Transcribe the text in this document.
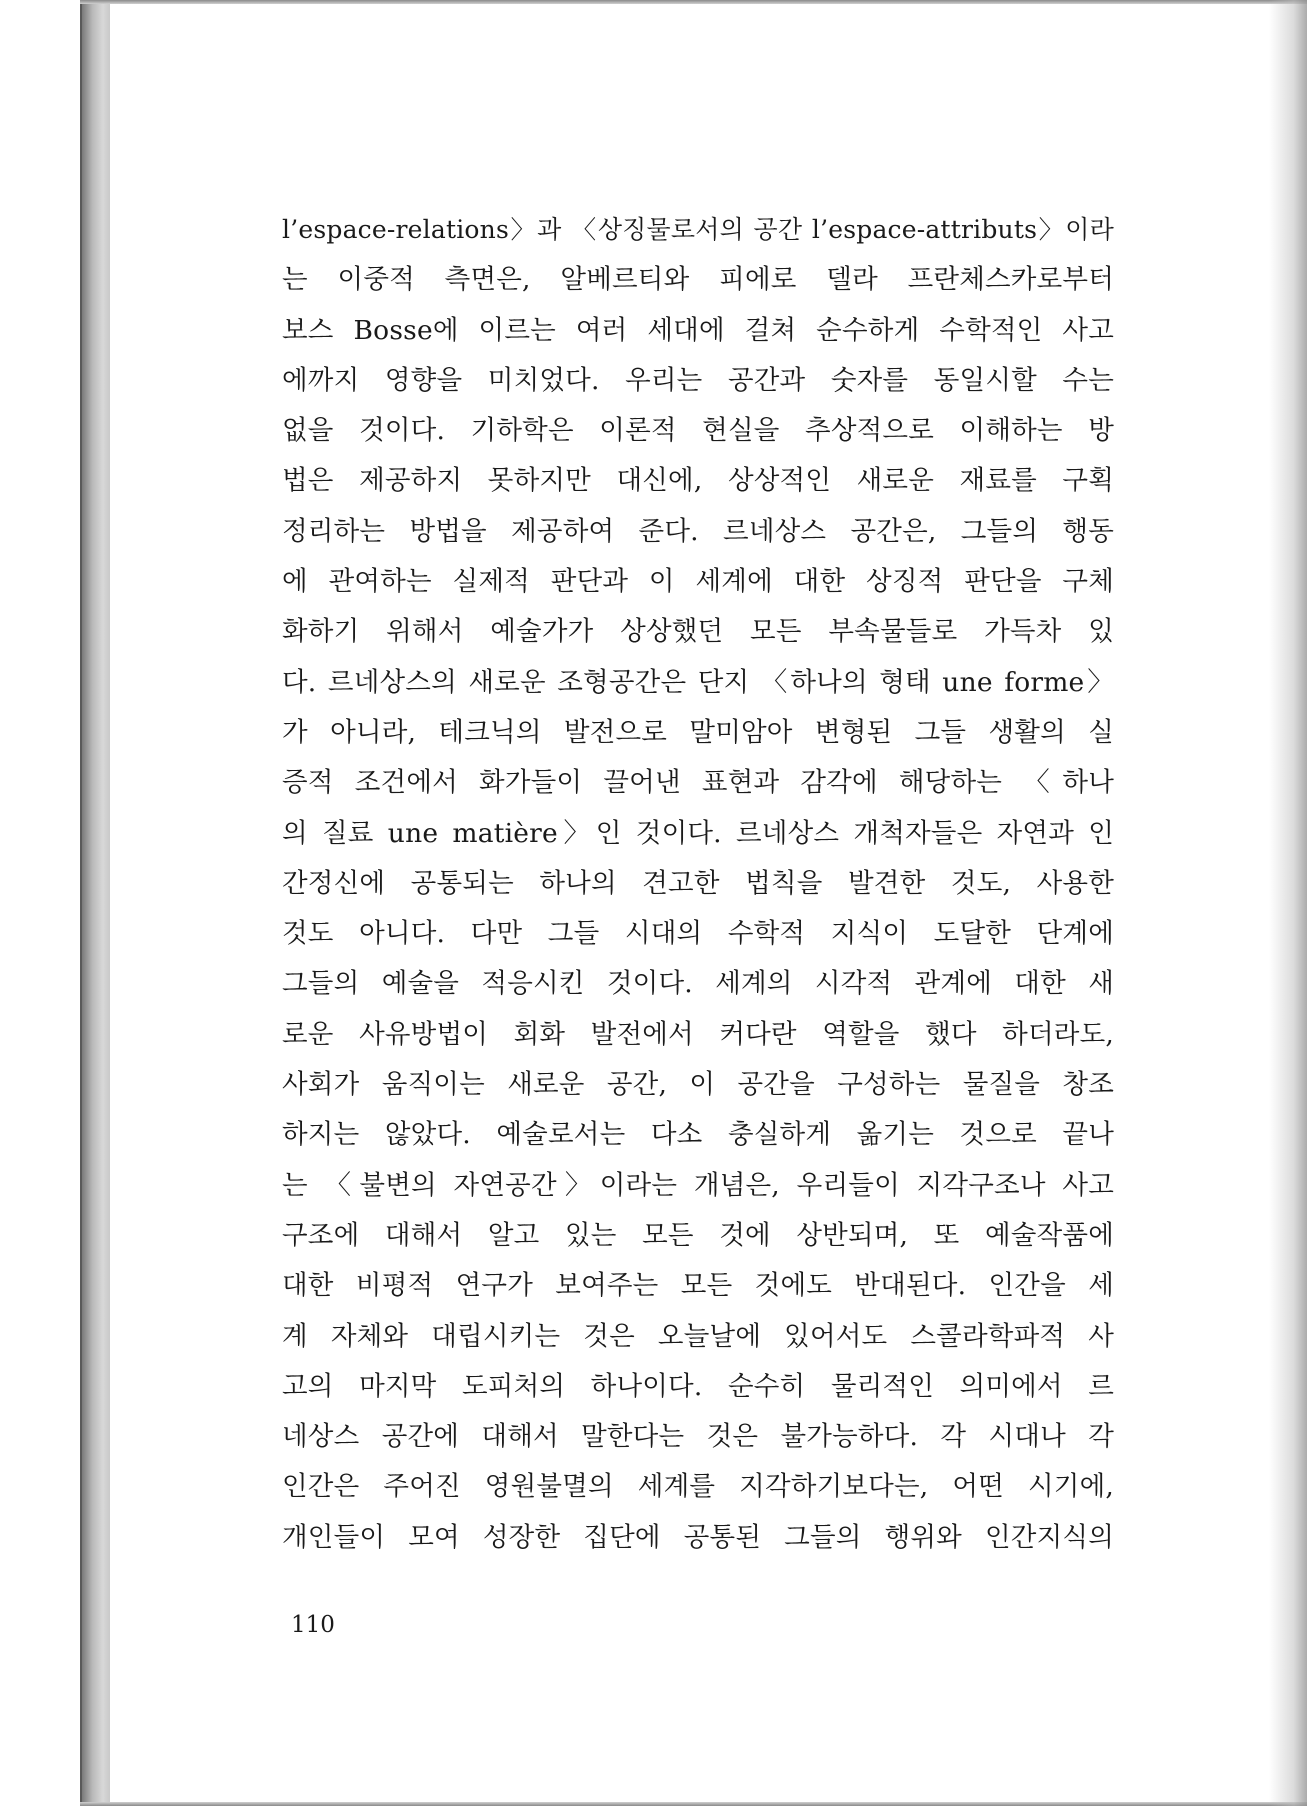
l’espace-relations〉과 〈상징물로서의 공간 l’espace-attributs〉이라
는 이중적 측면은, 알베르티와 피에로 델라 프란체스카로부터
보스 Bosse에 이르는 여러 세대에 걸쳐 순수하게 수학적인 사고
에까지 영향을 미치었다. 우리는 공간과 숫자를 동일시할 수는
없을 것이다. 기하학은 이론적 현실을 추상적으로 이해하는 방
법은 제공하지 못하지만 대신에, 상상적인 새로운 재료를 구획
정리하는 방법을 제공하여 준다. 르네상스 공간은, 그들의 행동
에 관여하는 실제적 판단과 이 세계에 대한 상징적 판단을 구체
화하기 위해서 예술가가 상상했던 모든 부속물들로 가득차 있
다. 르네상스의 새로운 조형공간은 단지 〈하나의 형태 une forme〉
가 아니라, 테크닉의 발전으로 말미암아 변형된 그들 생활의 실
증적 조건에서 화가들이 끌어낸 표현과 감각에 해당하는 〈하나
의 질료 une matière〉인 것이다. 르네상스 개척자들은 자연과 인
간정신에 공통되는 하나의 견고한 법칙을 발견한 것도, 사용한
것도 아니다. 다만 그들 시대의 수학적 지식이 도달한 단계에
그들의 예술을 적응시킨 것이다. 세계의 시각적 관계에 대한 새
로운 사유방법이 회화 발전에서 커다란 역할을 했다 하더라도,
사회가 움직이는 새로운 공간, 이 공간을 구성하는 물질을 창조
하지는 않았다. 예술로서는 다소 충실하게 옮기는 것으로 끝나
는 〈불변의 자연공간〉이라는 개념은, 우리들이 지각구조나 사고
구조에 대해서 알고 있는 모든 것에 상반되며, 또 예술작품에
대한 비평적 연구가 보여주는 모든 것에도 반대된다. 인간을 세
계 자체와 대립시키는 것은 오늘날에 있어서도 스콜라학파적 사
고의 마지막 도피처의 하나이다. 순수히 물리적인 의미에서 르
네상스 공간에 대해서 말한다는 것은 불가능하다. 각 시대나 각
인간은 주어진 영원불멸의 세계를 지각하기보다는, 어떤 시기에,
개인들이 모여 성장한 집단에 공통된 그들의 행위와 인간지식의
110
